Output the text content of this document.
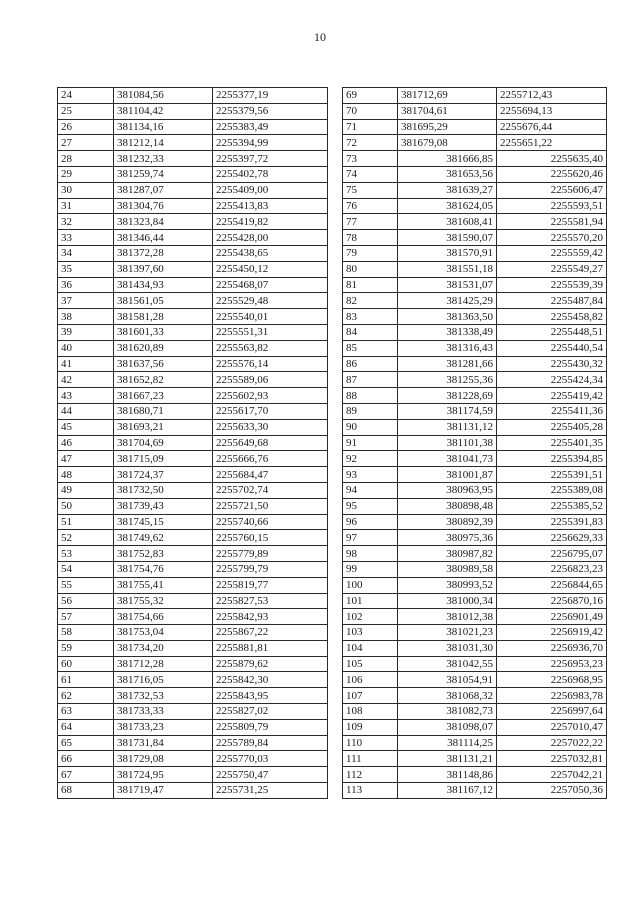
10
24	381084,56	2255377,19
25	381104,42	2255379,56
26	381134,16	2255383,49
27	381212,14	2255394,99
28	381232,33	2255397,72
29	381259,74	2255402,78
30	381287,07	2255409,00
31	381304,76	2255413,83
32	381323,84	2255419,82
33	381346,44	2255428,00
34	381372,28	2255438,65
35	381397,60	2255450,12
36	381434,93	2255468,07
37	381561,05	2255529,48
38	381581,28	2255540,01
39	381601,33	2255551,31
40	381620,89	2255563,82
41	381637,56	2255576,14
42	381652,82	2255589,06
43	381667,23	2255602,93
44	381680,71	2255617,70
45	381693,21	2255633,30
46	381704,69	2255649,68
47	381715,09	2255666,76
48	381724,37	2255684,47
49	381732,50	2255702,74
50	381739,43	2255721,50
51	381745,15	2255740,66
52	381749,62	2255760,15
53	381752,83	2255779,89
54	381754,76	2255799,79
55	381755,41	2255819,77
56	381755,32	2255827,53
57	381754,66	2255842,93
58	381753,04	2255867,22
59	381734,20	2255881,81
60	381712,28	2255879,62
61	381716,05	2255842,30
62	381732,53	2255843,95
63	381733,33	2255827,02
64	381733,23	2255809,79
65	381731,84	2255789,84
66	381729,08	2255770,03
67	381724,95	2255750,47
68	381719,47	2255731,25
69	381712,69	2255712,43
70	381704,61	2255694,13
71	381695,29	2255676,44
72	381679,08	2255651,22
73	381666,85	2255635,40
74	381653,56	2255620,46
75	381639,27	2255606,47
76	381624,05	2255593,51
77	381608,41	2255581,94
78	381590,07	2255570,20
79	381570,91	2255559,42
80	381551,18	2255549,27
81	381531,07	2255539,39
82	381425,29	2255487,84
83	381363,50	2255458,82
84	381338,49	2255448,51
85	381316,43	2255440,54
86	381281,66	2255430,32
87	381255,36	2255424,34
88	381228,69	2255419,42
89	381174,59	2255411,36
90	381131,12	2255405,28
91	381101,38	2255401,35
92	381041,73	2255394,85
93	381001,87	2255391,51
94	380963,95	2255389,08
95	380898,48	2255385,52
96	380892,39	2255391,83
97	380975,36	2256629,33
98	380987,82	2256795,07
99	380989,58	2256823,23
100	380993,52	2256844,65
101	381000,34	2256870,16
102	381012,38	2256901,49
103	381021,23	2256919,42
104	381031,30	2256936,70
105	381042,55	2256953,23
106	381054,91	2256968,95
107	381068,32	2256983,78
108	381082,73	2256997,64
109	381098,07	2257010,47
110	381114,25	2257022,22
111	381131,21	2257032,81
112	381148,86	2257042,21
113	381167,12	2257050,36
